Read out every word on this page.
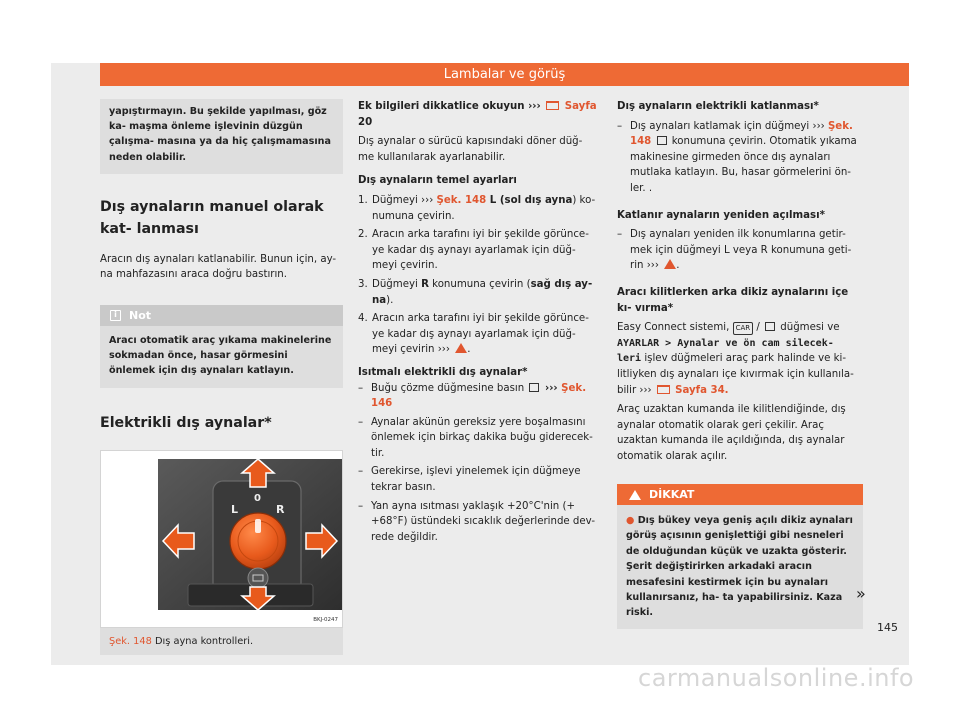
Lambalar ve görüş
yapıştırmayın. Bu şekilde yapılması, göz ka- maşma önleme işlevinin düzgün çalışma- masına ya da hiç çalışmamasına neden olabilir.
Dış aynaların manuel olarak kat- lanması

Aracın dış aynaları katlanabilir. Bunun için, ay- na mahfazasını araca doğru bastırın.

i	Not
Aracı otomatik araç yıkama makinelerine sokmadan önce, hasar görmesini önlemek için dış aynaları katlayın.
Elektrikli dış aynalar*
L
0
R
BKJ-0247
Şek. 148 Dış ayna kontrolleri.

Ek bilgileri dikkatlice okuyun ››› Sayfa
20

Dış aynalar o sürücü kapısındaki döner düğ- me kullanılarak ayarlanabilir.

Dış aynaların temel ayarları

1. Düğmeyi ››› Şek. 148 L (sol dış ayna) ko- numuna çevirin.
2. Aracın arka tarafını iyi bir şekilde görünce- ye kadar dış aynayı ayarlamak için düğ- meyi çevirin.
3. Düğmeyi R konumuna çevirin (sağ dış ay- na).
4. Aracın arka tarafını iyi bir şekilde görünce- ye kadar dış aynayı ayarlamak için düğ- meyi çevirin ››› .

Isıtmalı elektrikli dış aynalar*

– Buğu çözme düğmesine basın  ››› Şek. 146
– Aynalar akünün gereksiz yere boşalmasını önlemek için birkaç dakika buğu giderecek- tir.
– Gerekirse, işlevi yinelemek için düğmeye tekrar basın.
– Yan ayna ısıtması yaklaşık +20°C'nin (+ +68°F) üstündeki sıcaklık değerlerinde dev- rede değildir.

Dış aynaların elektrikli katlanması*

– Dış aynaları katlamak için düğmeyi ››› Şek. 148  konumuna çevirin. Otomatik yıkama makinesine girmeden önce dış aynaları mutlaka katlayın. Bu, hasar görmelerini ön- ler. .

Katlanır aynaların yeniden açılması*

– Dış aynaları yeniden ilk konumlarına getir- mek için düğmeyi L veya R konumuna geti- rin ››› .

Aracı kilitlerken arka dikiz aynalarını içe kı- vırma*

Easy Connect sistemi, CAR /  düğmesi ve AYARLAR > Aynalar ve ön cam silecek- leri işlev düğmeleri araç park halinde ve ki- litliyken dış aynaları içe kıvırmak için kullanıla- bilir ››› Sayfa 34.

Araç uzaktan kumanda ile kilitlendiğinde, dış aynalar otomatik olarak geri çekilir. Araç uzaktan kumanda ile açıldığında, dış aynalar otomatik olarak açılır.

DİKKAT
● Dış bükey veya geniş açılı dikiz aynaları görüş açısının genişlettiği gibi nesneleri de olduğundan küçük ve uzakta gösterir. Şerit değiştirirken arkadaki aracın mesafesini kestirmek için bu aynaları kullanırsanız, ha- ta yapabilirsiniz. Kaza riski.
»
145
carmanualsonline.info
